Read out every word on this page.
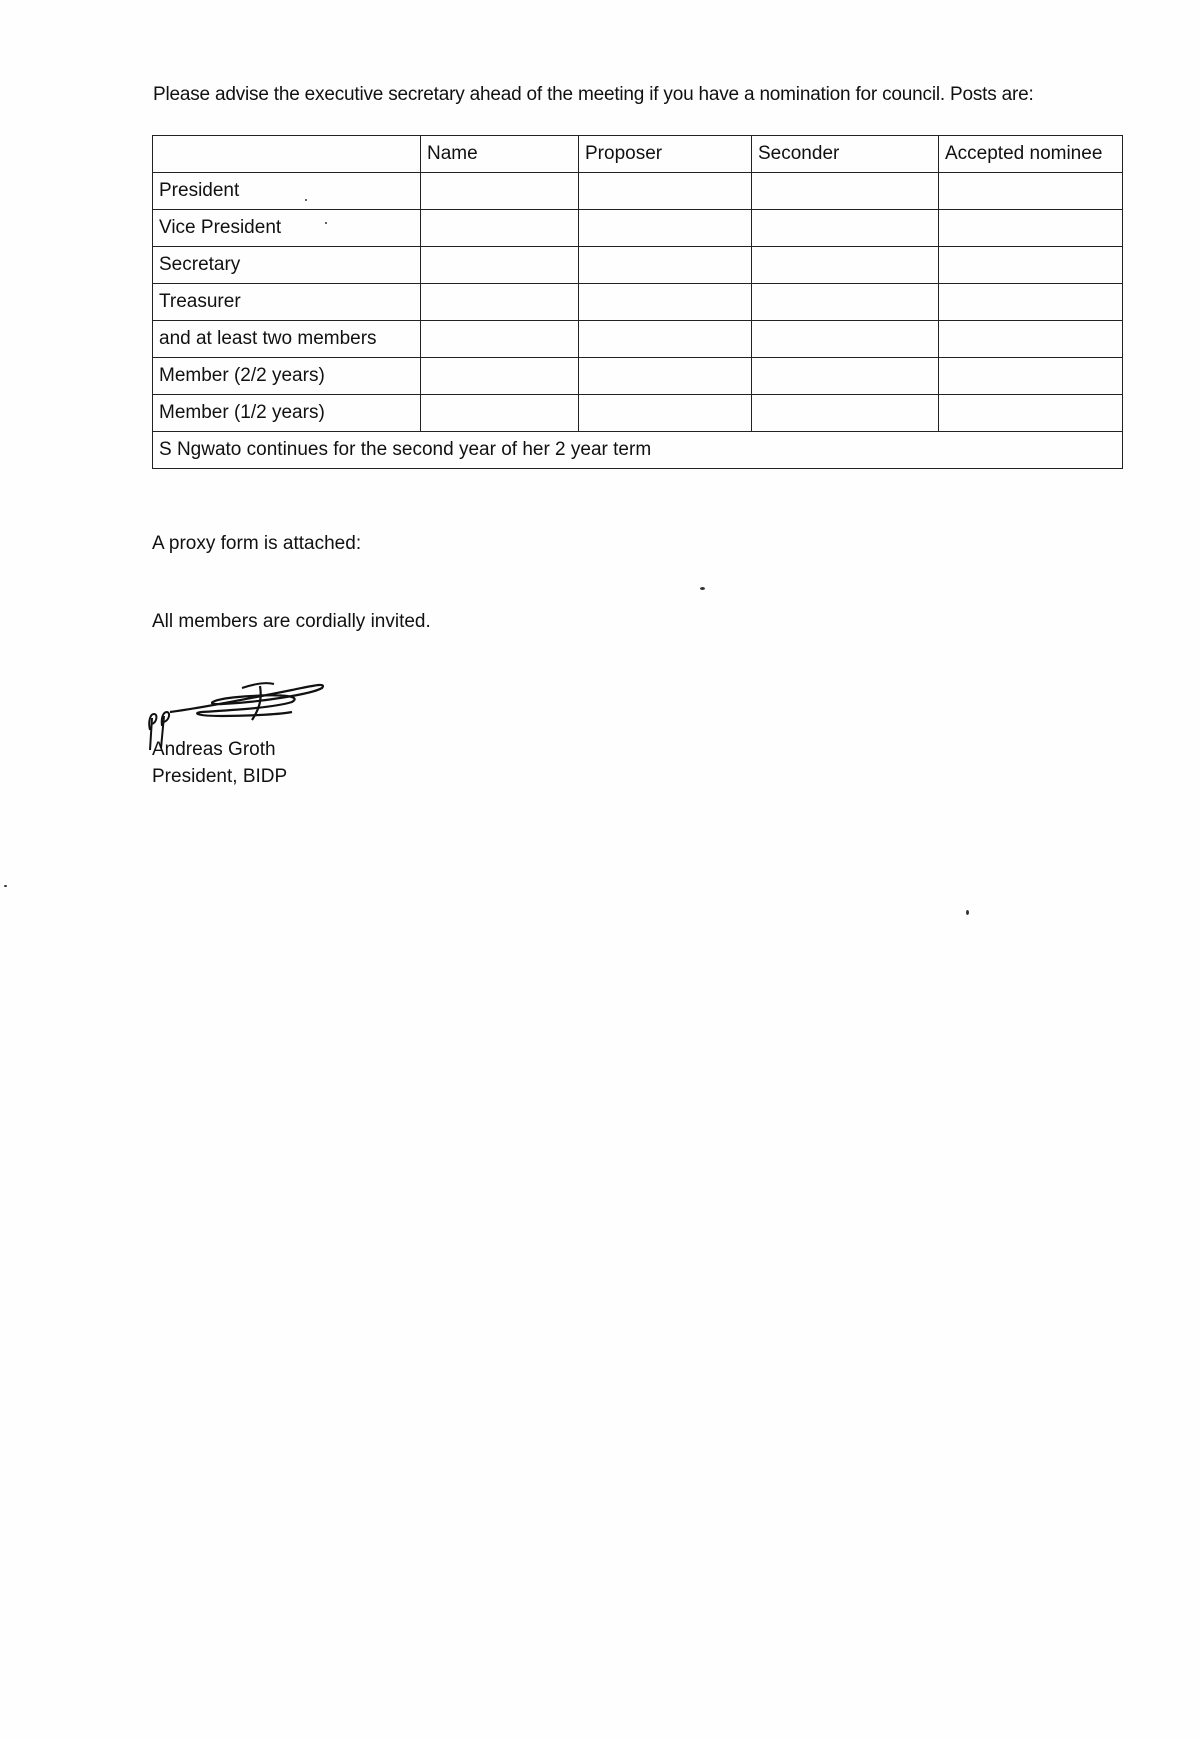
Please advise the executive secretary ahead of the meeting if you have a nomination for council. Posts are:
	Name	Proposer	Seconder	Accepted nominee
President				
Vice President				
Secretary				
Treasurer				
and at least two members				
Member (2/2 years)				
Member (1/2 years)				
S Ngwato continues for the second year of her 2 year term				
A proxy form is attached:
All members are cordially invited.
Andreas Groth
President, BIDP
